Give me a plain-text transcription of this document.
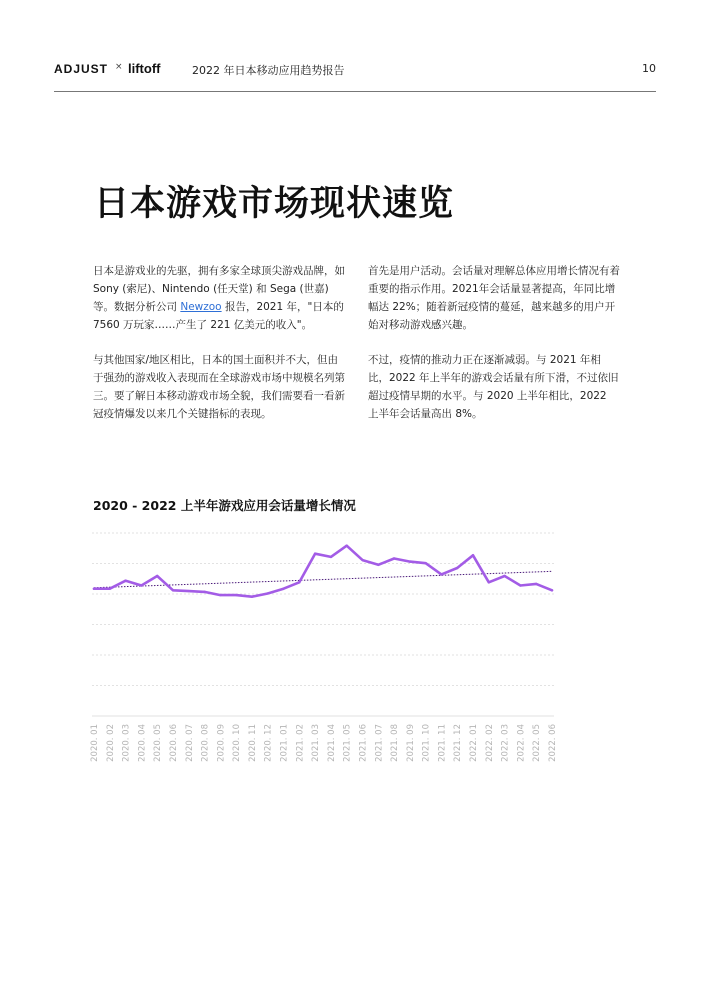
ADJUST × liftoff	2022 年日本移动应用趋势报告	10
日本游戏市场现状速览

日本是游戏业的先驱，拥有多家全球顶尖游戏品牌，如 Sony (索尼)、Nintendo (任天堂) 和 Sega (世嘉) 等。数据分析公司 Newzoo 报告，2021 年，"日本的 7560 万玩家……产生了 221 亿美元的收入"。

与其他国家/地区相比，日本的国土面积并不大，但由于强劲的游戏收入表现而在全球游戏市场中规模名列第三。要了解日本移动游戏市场全貌，我们需要看一看新冠疫情爆发以来几个关键指标的表现。

首先是用户活动。会话量对理解总体应用增长情况有着重要的指示作用。2021年会话量显著提高，年同比增幅达 22%；随着新冠疫情的蔓延，越来越多的用户开始对移动游戏感兴趣。

不过，疫情的推动力正在逐渐减弱。与 2021 年相比，2022 年上半年的游戏会话量有所下滑，不过依旧超过疫情早期的水平。与 2020 上半年相比，2022 上半年会话量高出 8%。

2020 - 2022 上半年游戏应用会话量增长情况
2020. 01 2020. 02 2020. 03 2020. 04 2020. 05 2020. 06 2020. 07 2020. 08 2020. 09 2020. 10 2020. 11 2020. 12 2021. 01 2021. 02 2021. 03 2021. 04 2021. 05 2021. 06 2021. 07 2021. 08 2021. 09 2021. 10 2021. 11 2021. 12 2022. 01 2022. 02 2022. 03 2022. 04 2022. 05 2022. 06
